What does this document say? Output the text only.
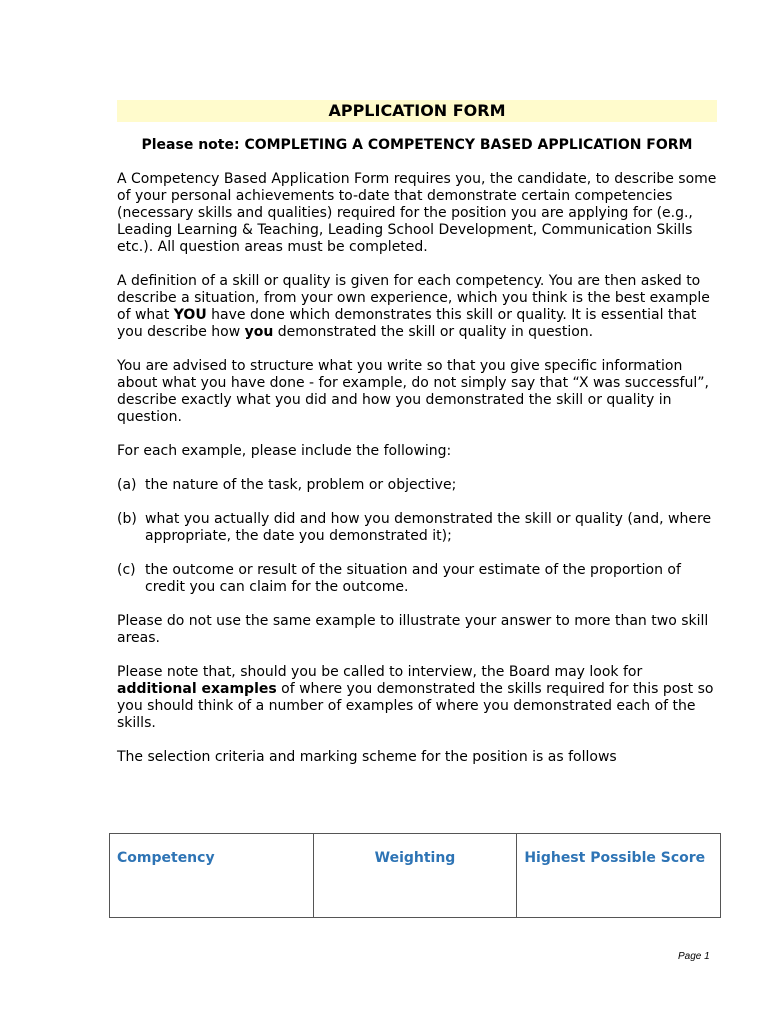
APPLICATION FORM
Please note: COMPLETING A COMPETENCY BASED APPLICATION FORM

A Competency Based Application Form requires you, the candidate, to describe some of your personal achievements to-date that demonstrate certain competencies (necessary skills and qualities) required for the position you are applying for (e.g., Leading Learning & Teaching, Leading School Development, Communication Skills etc.). All question areas must be completed.

A definition of a skill or quality is given for each competency. You are then asked to describe a situation, from your own experience, which you think is the best example of what YOU have done which demonstrates this skill or quality. It is essential that you describe how you demonstrated the skill or quality in question.

You are advised to structure what you write so that you give specific information about what you have done - for example, do not simply say that “X was successful”, describe exactly what you did and how you demonstrated the skill or quality in question.

For each example, please include the following:

(a) the nature of the task, problem or objective;
(b) what you actually did and how you demonstrated the skill or quality (and, where      appropriate, the date you demonstrated it);
(c) the outcome or result of the situation and your estimate of the proportion of credit you can claim for the outcome.

Please do not use the same example to illustrate your answer to more than two skill areas.

Please note that, should you be called to interview, the Board may look for additional examples of where you demonstrated the skills required for this post so you should think of a number of examples of where you demonstrated each of the skills.

The selection criteria and marking scheme for the position is as follows

Competency	Weighting	Highest Possible Score
Page 1
